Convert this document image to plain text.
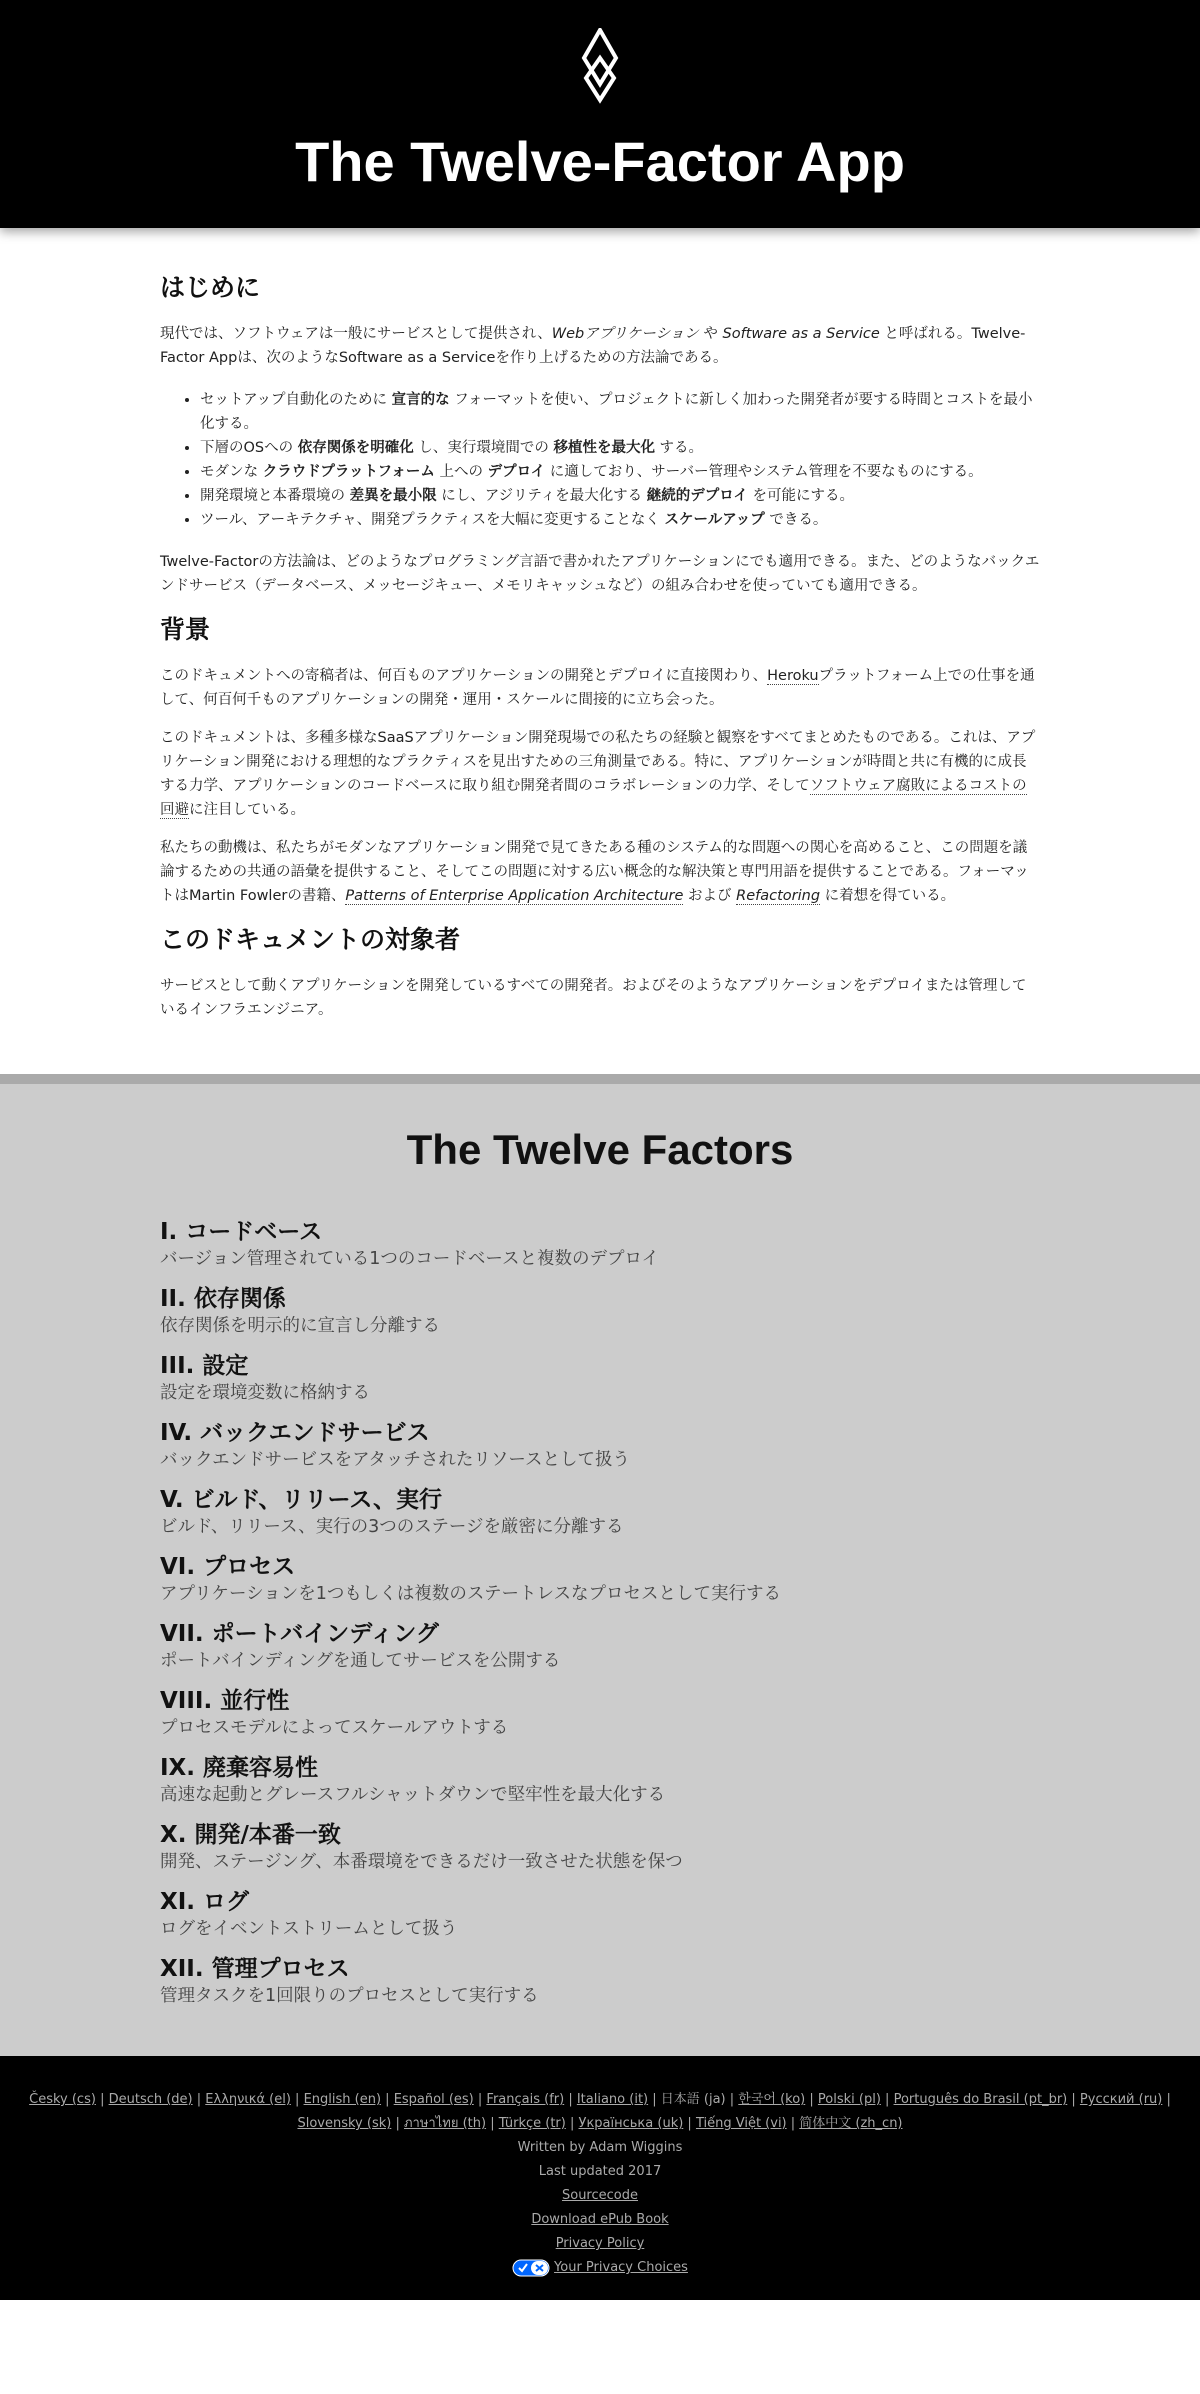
The Twelve-Factor App
はじめに

現代では、ソフトウェアは一般にサービスとして提供され、Webアプリケーション や Software as a Service と呼ばれる。Twelve-Factor Appは、次のようなSoftware as a Serviceを作り上げるための方法論である。

• セットアップ自動化のために 宣言的な フォーマットを使い、プロジェクトに新しく加わった開発者が要する時間とコストを最小化する。
• 下層のOSへの 依存関係を明確化 し、実行環境間での 移植性を最大化 する。
• モダンな クラウドプラットフォーム 上への デプロイ に適しており、サーバー管理やシステム管理を不要なものにする。
• 開発環境と本番環境の 差異を最小限 にし、アジリティを最大化する 継続的デプロイ を可能にする。
• ツール、アーキテクチャ、開発プラクティスを大幅に変更することなく スケールアップ できる。

Twelve-Factorの方法論は、どのようなプログラミング言語で書かれたアプリケーションにでも適用できる。また、どのようなバックエンドサービス（データベース、メッセージキュー、メモリキャッシュなど）の組み合わせを使っていても適用できる。

背景

このドキュメントへの寄稿者は、何百ものアプリケーションの開発とデプロイに直接関わり、Herokuプラットフォーム上での仕事を通して、何百何千ものアプリケーションの開発・運用・スケールに間接的に立ち会った。

このドキュメントは、多種多様なSaaSアプリケーション開発現場での私たちの経験と観察をすべてまとめたものである。これは、アプリケーション開発における理想的なプラクティスを見出すための三角測量である。特に、アプリケーションが時間と共に有機的に成長する力学、アプリケーションのコードベースに取り組む開発者間のコラボレーションの力学、そしてソフトウェア腐敗によるコストの回避に注目している。

私たちの動機は、私たちがモダンなアプリケーション開発で見てきたある種のシステム的な問題への関心を高めること、この問題を議論するための共通の語彙を提供すること、そしてこの問題に対する広い概念的な解決策と専門用語を提供することである。フォーマットはMartin Fowlerの書籍、Patterns of Enterprise Application Architecture および Refactoring に着想を得ている。

このドキュメントの対象者

サービスとして動くアプリケーションを開発しているすべての開発者。およびそのようなアプリケーションをデプロイまたは管理しているインフラエンジニア。

The Twelve Factors
I. コードベース
バージョン管理されている1つのコードベースと複数のデプロイ
II. 依存関係
依存関係を明示的に宣言し分離する
III. 設定
設定を環境変数に格納する
IV. バックエンドサービス
バックエンドサービスをアタッチされたリソースとして扱う
V. ビルド、リリース、実行
ビルド、リリース、実行の3つのステージを厳密に分離する
VI. プロセス
アプリケーションを1つもしくは複数のステートレスなプロセスとして実行する
VII. ポートバインディング
ポートバインディングを通してサービスを公開する
VIII. 並行性
プロセスモデルによってスケールアウトする
IX. 廃棄容易性
高速な起動とグレースフルシャットダウンで堅牢性を最大化する
X. 開発/本番一致
開発、ステージング、本番環境をできるだけ一致させた状態を保つ
XI. ログ
ログをイベントストリームとして扱う
XII. 管理プロセス
管理タスクを1回限りのプロセスとして実行する
Česky (cs) | Deutsch (de) | Ελληνικά (el) | English (en) | Español (es) | Français (fr) | Italiano (it) | 日本語 (ja) | 한국어 (ko) | Polski (pl) | Português do Brasil (pt_br) | Русский (ru) |
Slovensky (sk) | ภาษาไทย (th) | Türkçe (tr) | Українська (uk) | Tiếng Việt (vi) | 简体中文 (zh_cn)
Written by Adam Wiggins
Last updated 2017
Sourcecode
Download ePub Book
Privacy Policy
Your Privacy Choices
